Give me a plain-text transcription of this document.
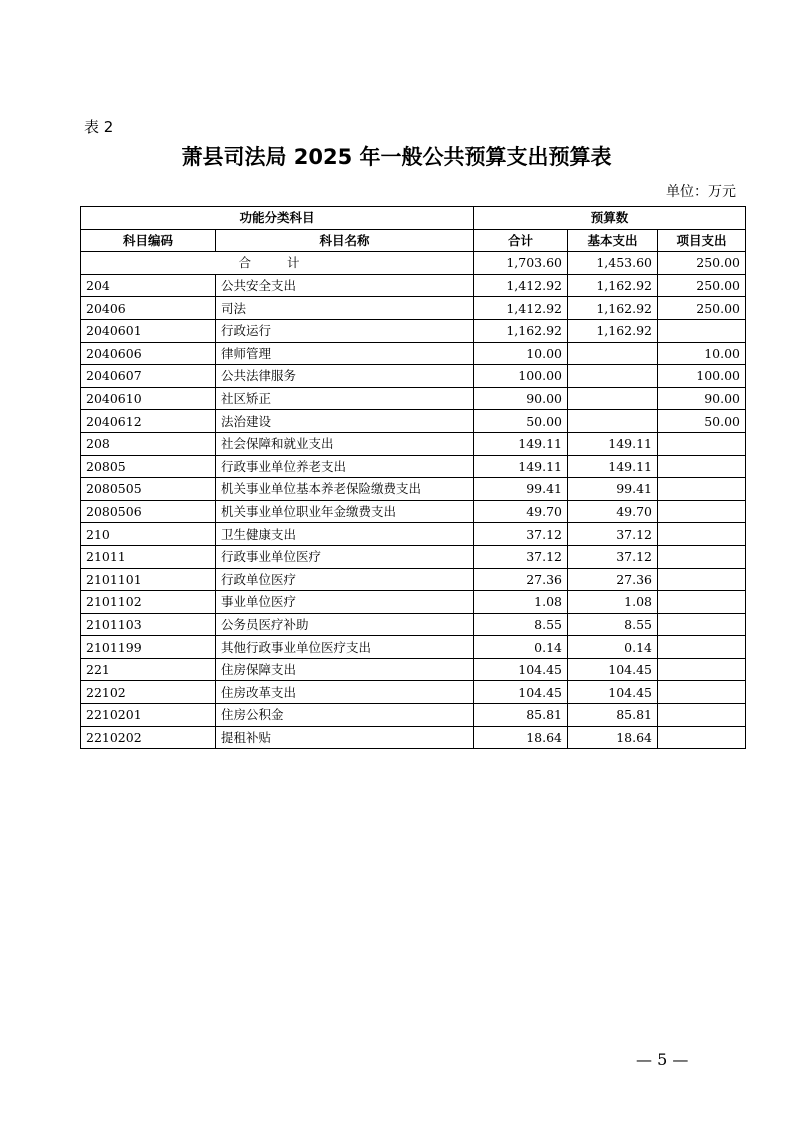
表 2
萧县司法局 2025 年一般公共预算支出预算表
单位：万元
功能分类科目		预算数		
科目编码	科目名称	合计	基本支出	项目支出
合 计		1,703.60	1,453.60	250.00
204	公共安全支出	1,412.92	1,162.92	250.00
20406	司法	1,412.92	1,162.92	250.00
2040601	行政运行	1,162.92	1,162.92	
2040606	律师管理	10.00		10.00
2040607	公共法律服务	100.00		100.00
2040610	社区矫正	90.00		90.00
2040612	法治建设	50.00		50.00
208	社会保障和就业支出	149.11	149.11	
20805	行政事业单位养老支出	149.11	149.11	
2080505	机关事业单位基本养老保险缴费支出	99.41	99.41	
2080506	机关事业单位职业年金缴费支出	49.70	49.70	
210	卫生健康支出	37.12	37.12	
21011	行政事业单位医疗	37.12	37.12	
2101101	行政单位医疗	27.36	27.36	
2101102	事业单位医疗	1.08	1.08	
2101103	公务员医疗补助	8.55	8.55	
2101199	其他行政事业单位医疗支出	0.14	0.14	
221	住房保障支出	104.45	104.45	
22102	住房改革支出	104.45	104.45	
2210201	住房公积金	85.81	85.81	
2210202	提租补贴	18.64	18.64	
— 5 —
